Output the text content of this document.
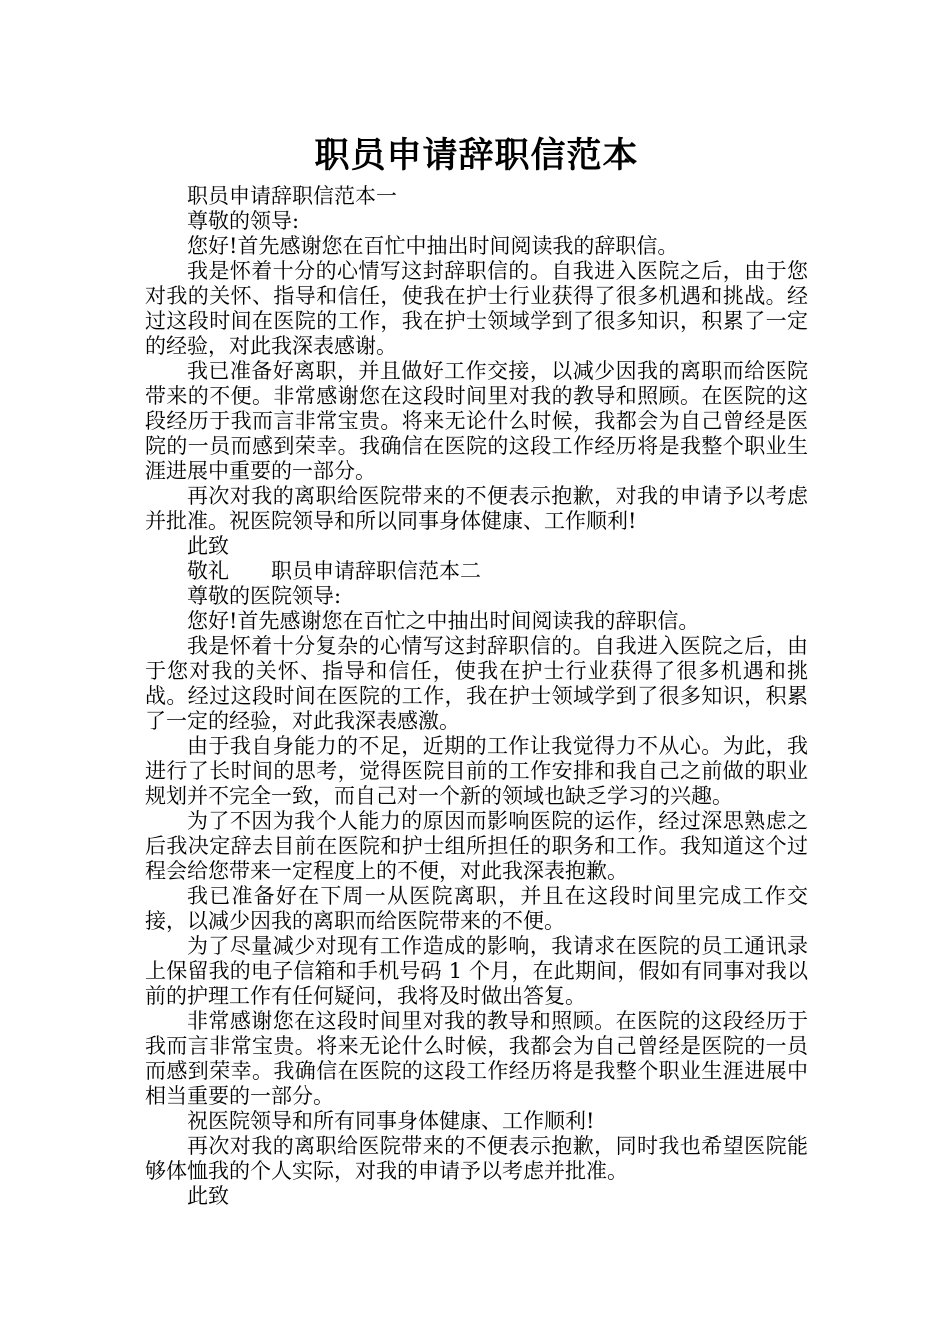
职员申请辞职信范本

职员申请辞职信范本一

尊敬的领导:

您好!首先感谢您在百忙中抽出时间阅读我的辞职信。

我是怀着十分的心情写这封辞职信的。自我进入医院之后，由于您对我的关怀、指导和信任，使我在护士行业获得了很多机遇和挑战。经过这段时间在医院的工作，我在护士领域学到了很多知识，积累了一定的经验，对此我深表感谢。

我已准备好离职，并且做好工作交接，以减少因我的离职而给医院带来的不便。非常感谢您在这段时间里对我的教导和照顾。在医院的这段经历于我而言非常宝贵。将来无论什么时候，我都会为自己曾经是医院的一员而感到荣幸。我确信在医院的这段工作经历将是我整个职业生涯进展中重要的一部分。

再次对我的离职给医院带来的不便表示抱歉，对我的申请予以考虑并批准。祝医院领导和所以同事身体健康、工作顺利!

此致

敬礼　　职员申请辞职信范本二

尊敬的医院领导:

您好!首先感谢您在百忙之中抽出时间阅读我的辞职信。

我是怀着十分复杂的心情写这封辞职信的。自我进入医院之后，由于您对我的关怀、指导和信任，使我在护士行业获得了很多机遇和挑战。经过这段时间在医院的工作，我在护士领域学到了很多知识，积累了一定的经验，对此我深表感激。

由于我自身能力的不足，近期的工作让我觉得力不从心。为此，我进行了长时间的思考，觉得医院目前的工作安排和我自己之前做的职业规划并不完全一致，而自己对一个新的领域也缺乏学习的兴趣。

为了不因为我个人能力的原因而影响医院的运作，经过深思熟虑之后我决定辞去目前在医院和护士组所担任的职务和工作。我知道这个过程会给您带来一定程度上的不便，对此我深表抱歉。

我已准备好在下周一从医院离职，并且在这段时间里完成工作交接，以减少因我的离职而给医院带来的不便。

为了尽量减少对现有工作造成的影响，我请求在医院的员工通讯录上保留我的电子信箱和手机号码 1 个月，在此期间，假如有同事对我以前的护理工作有任何疑问，我将及时做出答复。

非常感谢您在这段时间里对我的教导和照顾。在医院的这段经历于我而言非常宝贵。将来无论什么时候，我都会为自己曾经是医院的一员而感到荣幸。我确信在医院的这段工作经历将是我整个职业生涯进展中相当重要的一部分。

祝医院领导和所有同事身体健康、工作顺利!

再次对我的离职给医院带来的不便表示抱歉，同时我也希望医院能够体恤我的个人实际，对我的申请予以考虑并批准。

此致
